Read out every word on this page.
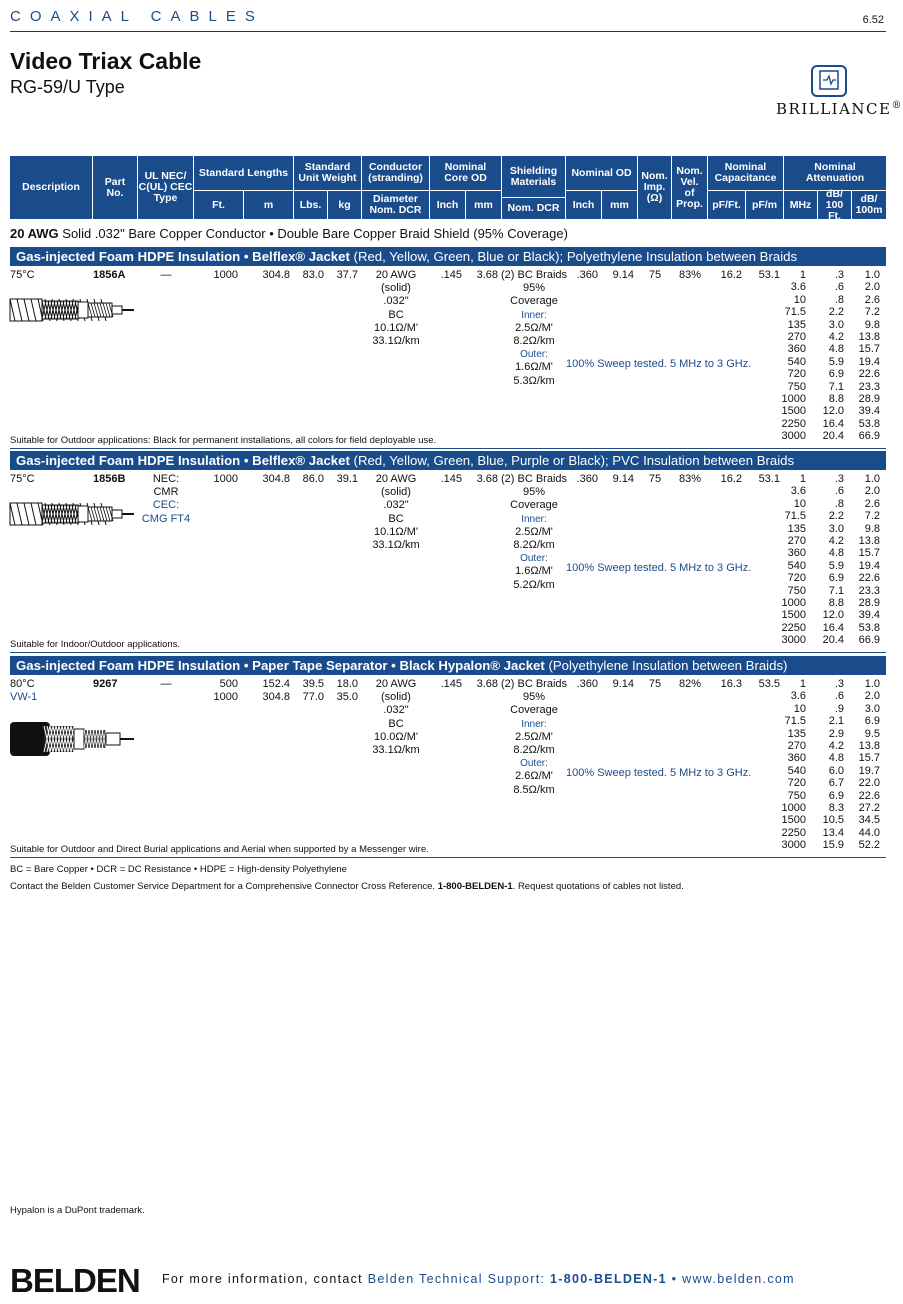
COAXIAL CABLES	6.52
Video Triax Cable
RG-59/U Type
BRILLIANCE®
Description	Part
No.
UL NEC/
C(UL) CEC
Type
Standard Lengths
Ft.	m
Standard
Unit Weight
Lbs.	kg
Conductor
(stranding)
Diameter
Nom. DCR
Nominal
Core OD
Inch	mm
Shielding
Materials
Nom. DCR
Nominal OD
Inch	mm
Nom.
Imp.
(Ω)
Nom.
Vel.
of
Prop.
Nominal
Capacitance
pF/Ft.	pF/m
Nominal
Attenuation
MHz
dB/
100 Ft.
dB/
100m
20 AWG Solid .032" Bare Copper Conductor • Double Bare Copper Braid Shield (95% Coverage)
Gas-injected Foam HDPE Insulation • Belflex® Jacket (Red, Yellow, Green, Blue or Black); Polyethylene Insulation between Braids
75°C	1856A	—	1000	304.8	83.0	37.7	20 AWG
(solid)
.032"
BC
10.1Ω/M'
33.1Ω/km
.145	3.68 (2) BC Braids
95%
Coverage
Inner:
2.5Ω/M'
8.2Ω/km
Outer:
1.6Ω/M'
5.3Ω/km
.360	9.14	75	83%	16.2	53.1
100% Sweep tested. 5 MHz to 3 GHz.
1	.3	1.0
3.6	.6	2.0
10	.8	2.6
71.5	2.2	7.2
135	3.0	9.8
270	4.2	13.8
360	4.8	15.7
540	5.9	19.4
720	6.9	22.6
750	7.1	23.3
1000	8.8	28.9
1500	12.0	39.4
2250	16.4	53.8
3000	20.4	66.9
Suitable for Outdoor applications: Black for permanent installations, all colors for field deployable use.
Gas-injected Foam HDPE Insulation • Belflex® Jacket (Red, Yellow, Green, Blue, Purple or Black); PVC Insulation between Braids
75°C	1856B	NEC:
CMR
CEC:
CMG FT4
1000	304.8	86.0	39.1	20 AWG
(solid)
.032"
BC
10.1Ω/M'
33.1Ω/km
.145	3.68 (2) BC Braids
95%
Coverage
Inner:
2.5Ω/M'
8.2Ω/km
Outer:
1.6Ω/M'
5.2Ω/km
.360	9.14	75	83%	16.2	53.1
100% Sweep tested. 5 MHz to 3 GHz.
1	.3	1.0
3.6	.6	2.0
10	.8	2.6
71.5	2.2	7.2
135	3.0	9.8
270	4.2	13.8
360	4.8	15.7
540	5.9	19.4
720	6.9	22.6
750	7.1	23.3
1000	8.8	28.9
1500	12.0	39.4
2250	16.4	53.8
3000	20.4	66.9
Suitable for Indoor/Outdoor applications.
Gas-injected Foam HDPE Insulation • Paper Tape Separator • Black Hypalon® Jacket (Polyethylene Insulation between Braids)
80°C
VW-1
9267	—	500	152.4	39.5	18.0
1000	304.8	77.0	35.0
20 AWG
(solid)
.032"
BC
10.0Ω/M'
33.1Ω/km
.145	3.68 (2) BC Braids
95%
Coverage
Inner:
2.5Ω/M'
8.2Ω/km
Outer:
2.6Ω/M'
8.5Ω/km
.360	9.14	75	82%	16.3	53.5
100% Sweep tested. 5 MHz to 3 GHz.
1	.3	1.0
3.6	.6	2.0
10	.9	3.0
71.5	2.1	6.9
135	2.9	9.5
270	4.2	13.8
360	4.8	15.7
540	6.0	19.7
720	6.7	22.0
750	6.9	22.6
1000	8.3	27.2
1500	10.5	34.5
2250	13.4	44.0
3000	15.9	52.2
Suitable for Outdoor and Direct Burial applications and Aerial when supported by a Messenger wire.
BC = Bare Copper • DCR = DC Resistance • HDPE = High-density Polyethylene
Contact the Belden Customer Service Department for a Comprehensive Connector Cross Reference. 1-800-BELDEN-1. Request quotations of cables not listed.
Hypalon is a DuPont trademark.
BELDEN For more information, contact Belden Technical Support: 1-800-BELDEN-1 • www.belden.com
